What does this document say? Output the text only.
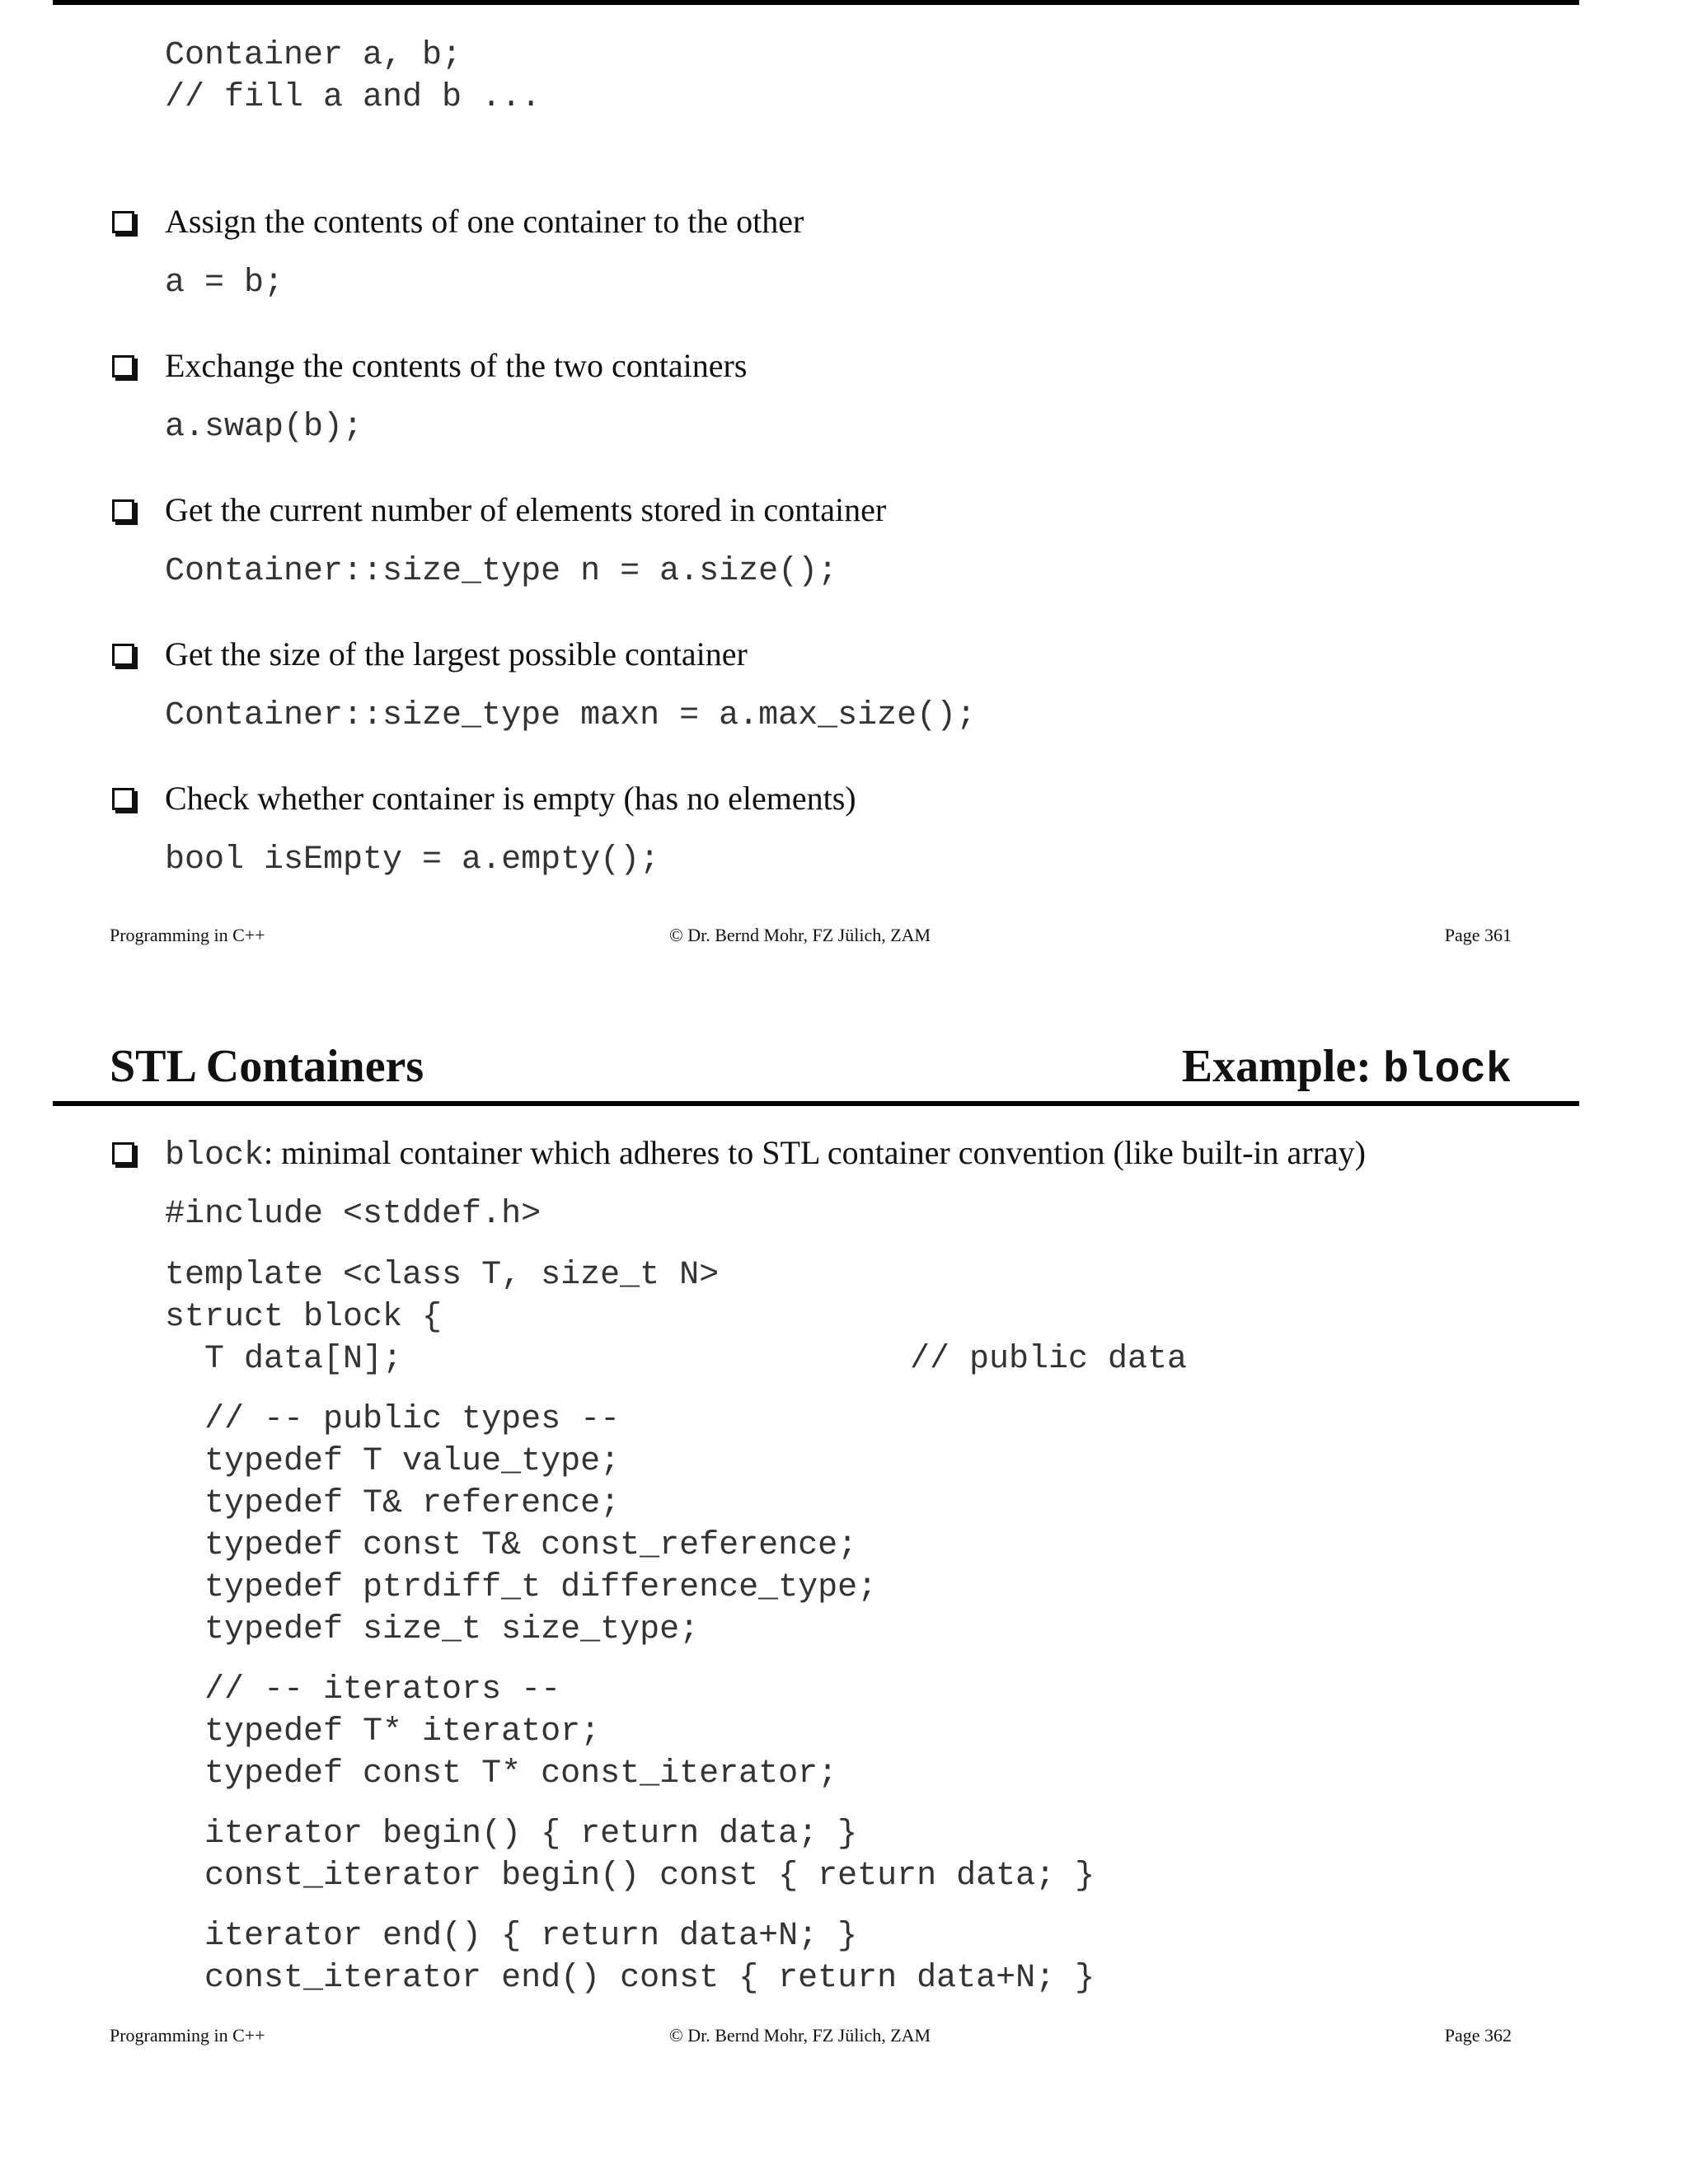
Container a, b;
// fill a and b ...
Assign the contents of one container to the other
a = b;
Exchange the contents of the two containers
a.swap(b);
Get the current number of elements stored in container
Container::size_type n = a.size();
Get the size of the largest possible container
Container::size_type maxn = a.max_size();
Check whether container is empty (has no elements)
bool isEmpty = a.empty();
Programming in C++	© Dr. Bernd Mohr, FZ Jülich, ZAM	Page 361
STL Containers	Example: block
block: minimal container which adheres to STL container convention (like built-in array)
#include <stddef.h>
template <class T, size_t N>
struct block {
T data[N];	// public data
// -- public types --
typedef T value_type;
typedef T& reference;
typedef const T& const_reference;
typedef ptrdiff_t difference_type;
typedef size_t size_type;
// -- iterators --
typedef T* iterator;
typedef const T* const_iterator;
iterator begin() { return data; }
const_iterator begin() const { return data; }
iterator end() { return data+N; }
const_iterator end() const { return data+N; }
Programming in C++	© Dr. Bernd Mohr, FZ Jülich, ZAM	Page 362
